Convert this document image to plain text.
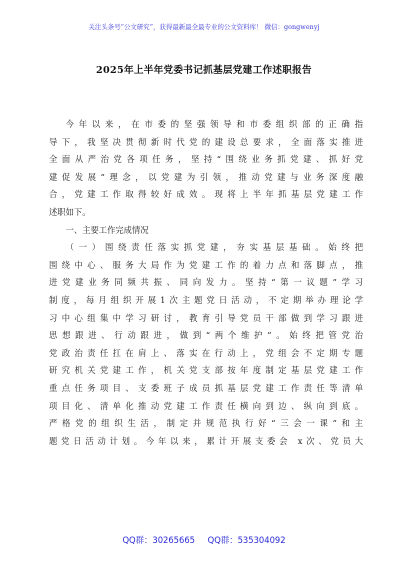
关注头条号“公文研究”，获得最新最全最专业的公文资料库！ 微信：gongwenyj
2025年上半年党委书记抓基层党建工作述职报告
今年以来，在市委的坚强领导和市委组织部的正确指
导下，我坚决贯彻新时代党的建设总要求，全面落实推进
全面从严治党各项任务，坚持“围绕业务抓党建、抓好党
建促发展”理念，以党建为引领，推动党建与业务深度融
合，党建工作取得较好成效。现将上半年抓基层党建工作
述职如下。
一、主要工作完成情况
（一）围绕责任落实抓党建，夯实基层基础。始终把
围绕中心、服务大局作为党建工作的着力点和落脚点，推
进党建业务同频共振、同向发力。坚持“第一议题”学习
制度，每月组织开展1次主题党日活动，不定期举办理论学
习中心组集中学习研讨，教育引导党员干部做到学习跟进
思想跟进、行动跟进，做到“两个维护”。始终把管党治
党政治责任扛在肩上、落实在行动上，党组会不定期专题
研究机关党建工作，机关党支部按年度制定基层党建工作
重点任务项目、支委班子成员抓基层党建工作责任等清单
项目化、清单化推动党建工作责任横向到边、纵向到底。
严格党的组织生活，制定并规范执行好“三会一课”和主
题党日活动计划。今年以来，累计开展支委会 x次、党员大
QQ群：30265665 QQ群：535304092
